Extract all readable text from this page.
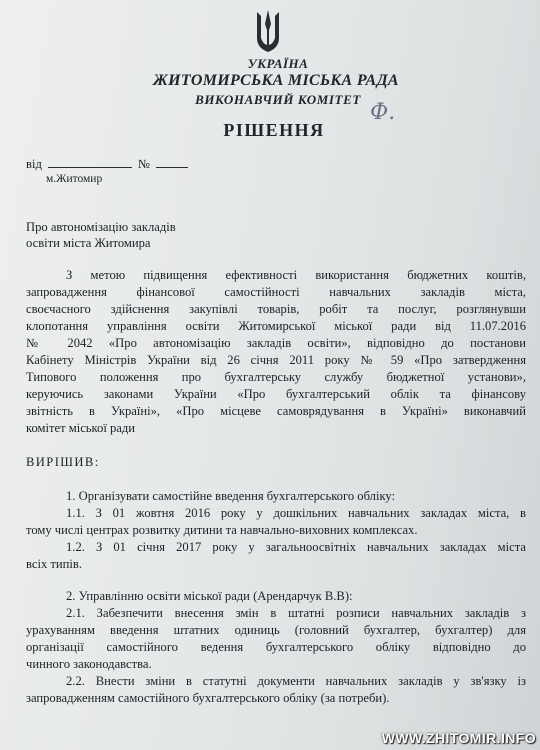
УКРАЇНА
ЖИТОМИРСЬКА МІСЬКА РАДА
ВИКОНАВЧИЙ КОМІТЕТ
РІШЕННЯ
Ф.
від	№
м.Житомир
Про автономізацію закладів
освіти міста Житомира
З метою підвищення ефективності використання бюджетних коштів,
запровадження фінансової самостійності навчальних закладів міста,
своєчасного здійснення закупівлі товарів, робіт та послуг, розглянувши
клопотання управління освіти Житомирської міської ради від 11.07.2016
№ 2042 «Про автономізацію закладів освіти», відповідно до постанови
Кабінету Міністрів України від 26 січня 2011 року № 59 «Про затвердження
Типового положення про бухгалтерську службу бюджетної установи»,
керуючись законами України «Про бухгалтерський облік та фінансову
звітність в Україні», «Про місцеве самоврядування в Україні» виконавчий
комітет міської ради
ВИРІШИВ:
1. Організувати самостійне введення бухгалтерського обліку:
1.1. З 01 жовтня 2016 року у дошкільних навчальних закладах міста, в
тому числі центрах розвитку дитини та навчально-виховних комплексах.
1.2. З 01 січня 2017 року у загальноосвітніх навчальних закладах міста
всіх типів.
2. Управлінню освіти міської ради (Арендарчук В.В):
2.1. Забезпечити внесення змін в штатні розписи навчальних закладів з
урахуванням введення штатних одиниць (головний бухгалтер, бухгалтер) для
організації самостійного ведення бухгалтерського обліку відповідно до
чинного законодавства.
2.2. Внести зміни в статутні документи навчальних закладів у зв'язку із
запровадженням самостійного бухгалтерського обліку (за потреби).
WWW.ZHITOMIR.INFO
